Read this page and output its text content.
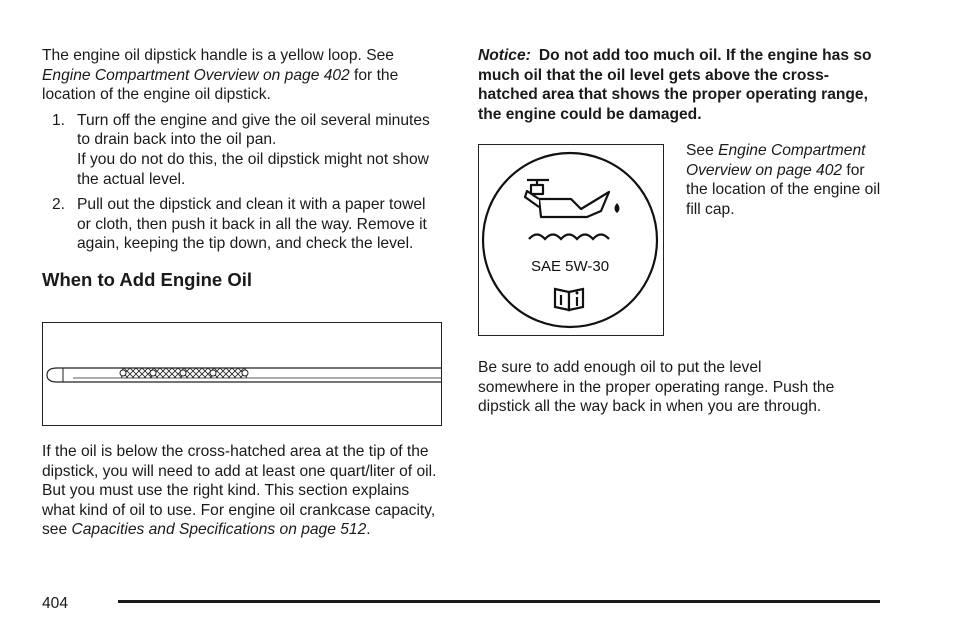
The engine oil dipstick handle is a yellow loop. See Engine Compartment Overview on page 402 for the location of the engine oil dipstick.

1. Turn off the engine and give the oil several minutes to drain back into the oil pan.
If you do not do this, the oil dipstick might not show the actual level.
2. Pull out the dipstick and clean it with a paper towel or cloth, then push it back in all the way. Remove it again, keeping the tip down, and check the level.
When to Add Engine Oil

If the oil is below the cross-hatched area at the tip of the dipstick, you will need to add at least one quart/liter of oil. But you must use the right kind. This section explains what kind of oil to use. For engine oil crankcase capacity, see Capacities and Specifications on page 512.

Notice: Do not add too much oil. If the engine has so much oil that the oil level gets above the cross-hatched area that shows the proper operating range, the engine could be damaged.

SAE 5W-30

See Engine Compartment Overview on page 402 for the location of the engine oil fill cap.

Be sure to add enough oil to put the level somewhere in the proper operating range. Push the dipstick all the way back in when you are through.

404
